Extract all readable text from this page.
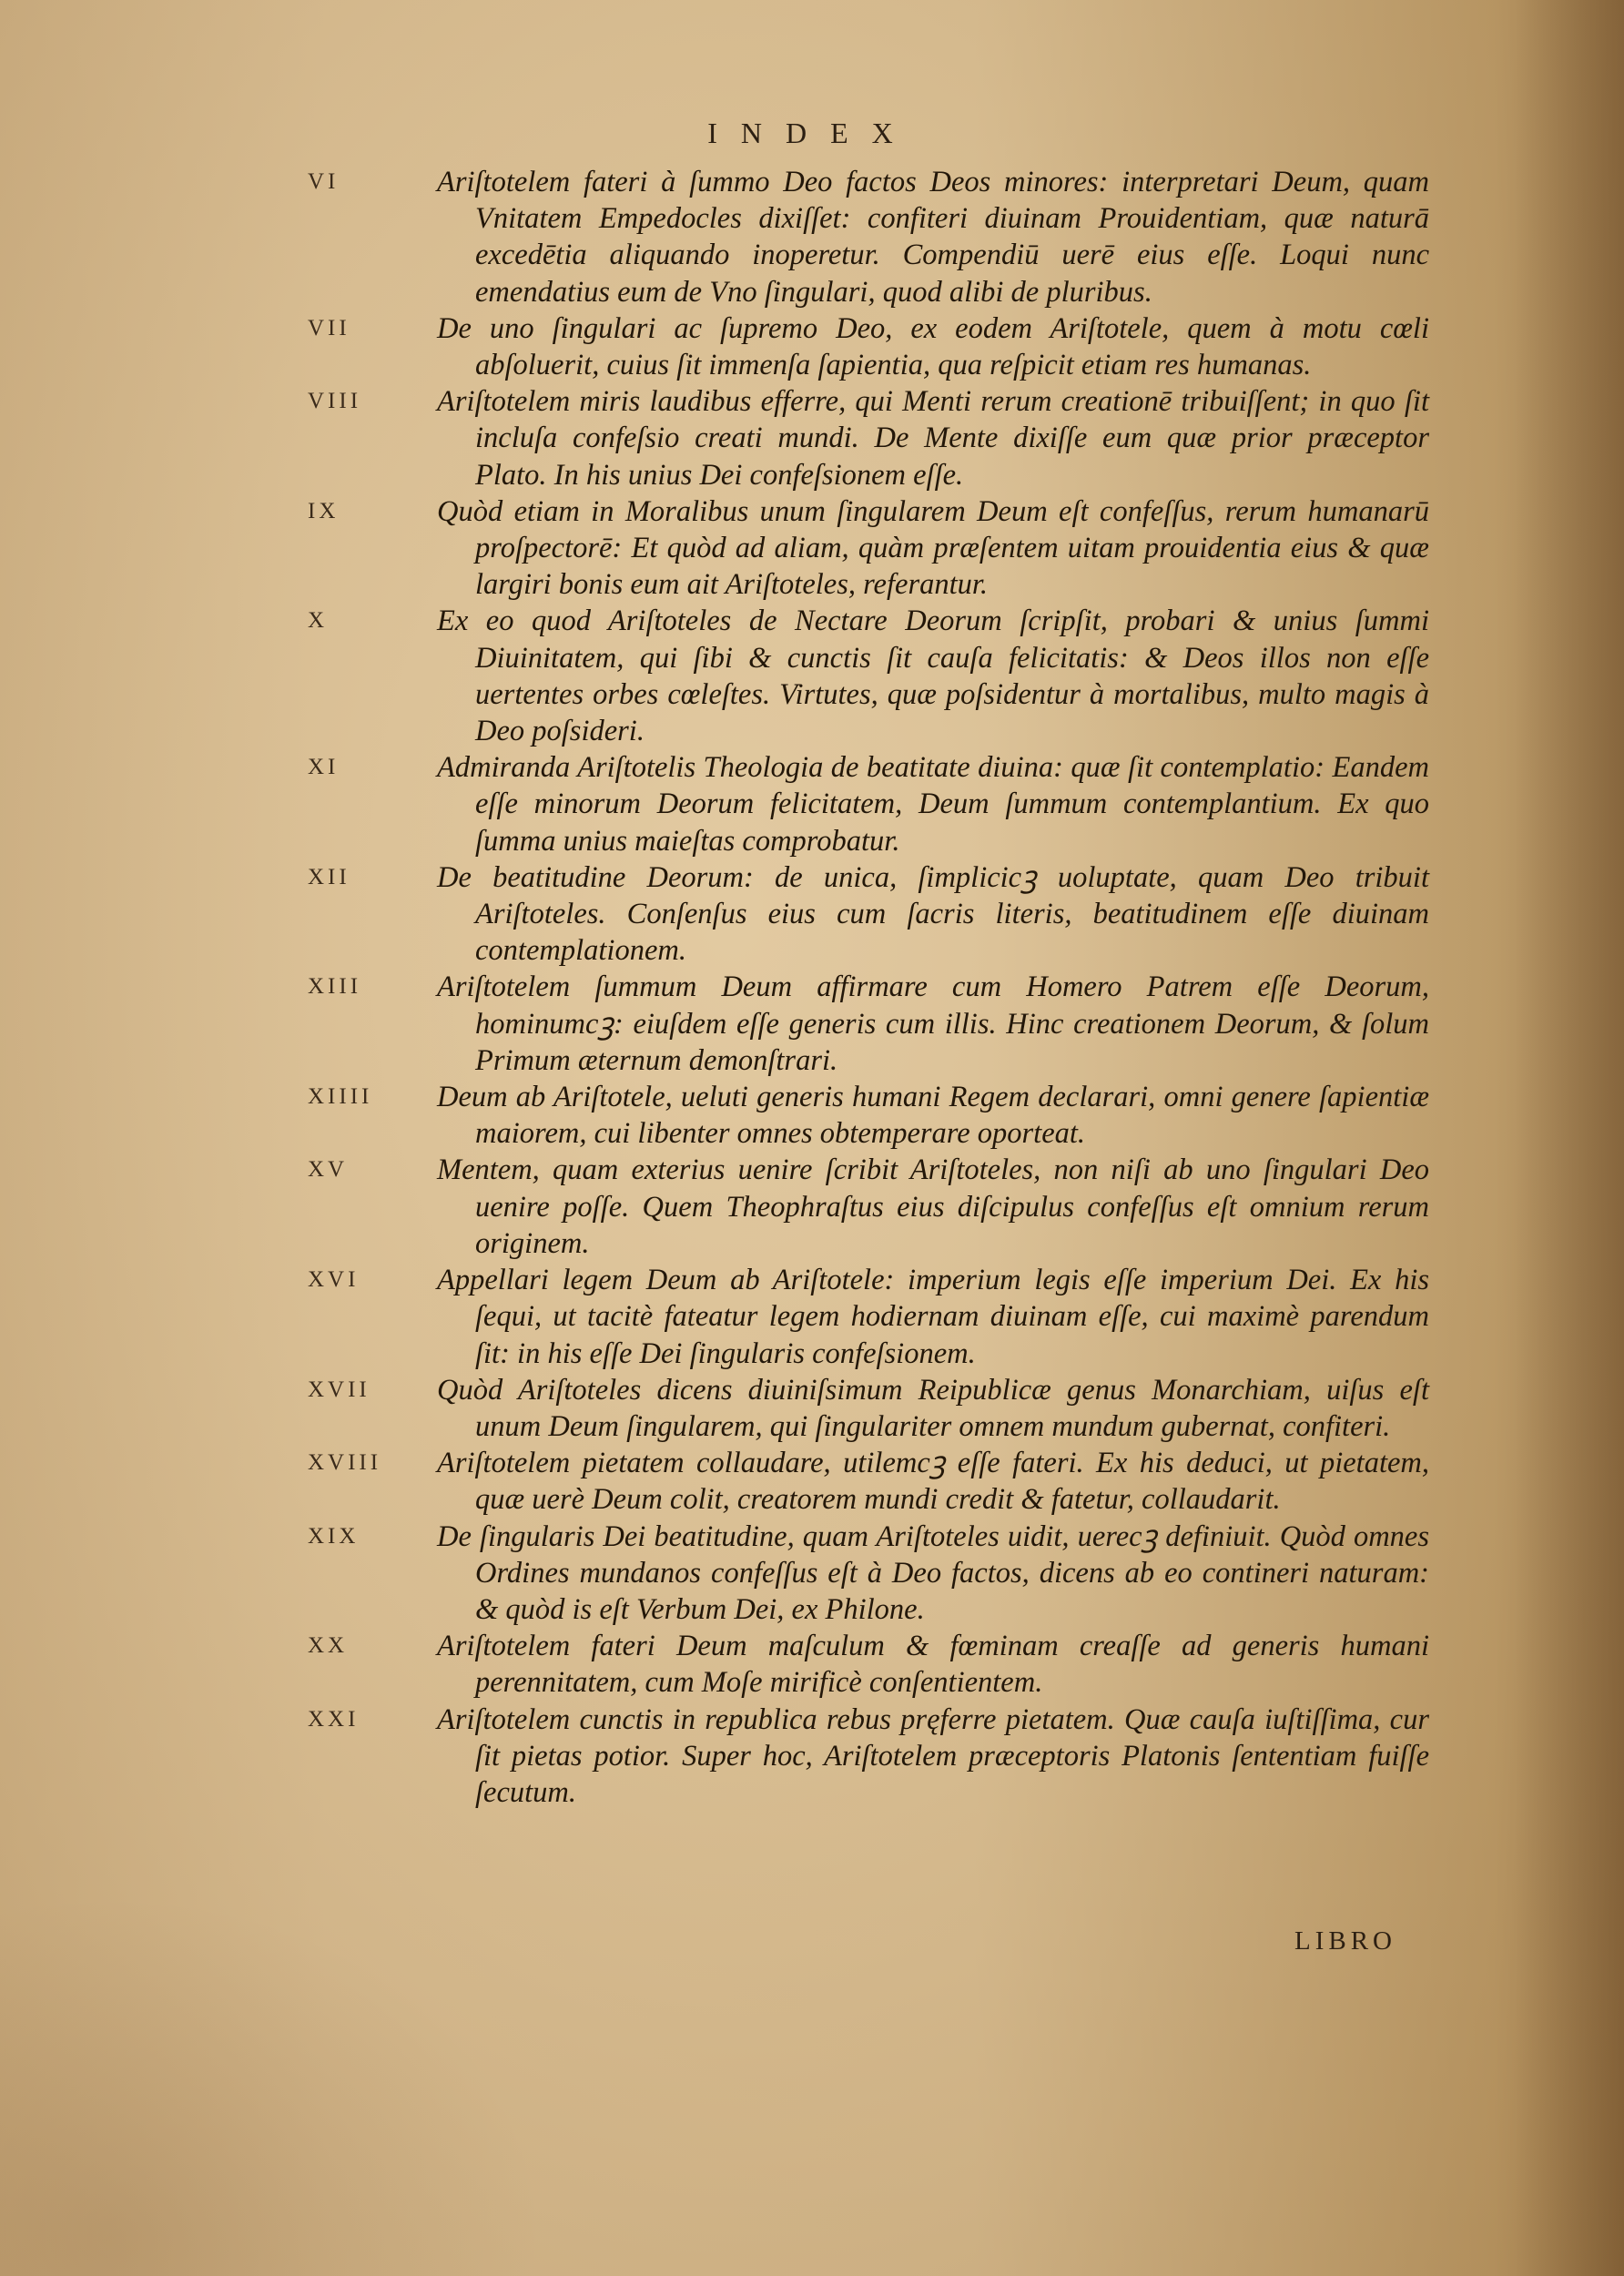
INDEX
VI	Ariſtotelem fateri à ſummo Deo factos Deos minores: interpretari Deum, quam Vnitatem Empedocles dixiſſet: confiteri diuinam Prouidentiam, quæ naturā excedētia aliquando inoperetur. Compendiū uerē eius eſſe. Loqui nunc emendatius eum de Vno ſingulari, quod alibi de pluribus.
VII	De uno ſingulari ac ſupremo Deo, ex eodem Ariſtotele, quem à motu cœli abſoluerit, cuius ſit immenſa ſapientia, qua reſpicit etiam res humanas.
VIII	Ariſtotelem miris laudibus efferre, qui Menti rerum creationē tribuiſſent; in quo ſit incluſa confeſsio creati mundi. De Mente dixiſſe eum quæ prior præceptor Plato. In his unius Dei confeſsionem eſſe.
IX	Quòd etiam in Moralibus unum ſingularem Deum eſt confeſſus, rerum humanarū proſpectorē: Et quòd ad aliam, quàm præſentem uitam prouidentia eius & quæ largiri bonis eum ait Ariſtoteles, referantur.
X	Ex eo quod Ariſtoteles de Nectare Deorum ſcripſit, probari & unius ſummi Diuinitatem, qui ſibi & cunctis ſit cauſa felicitatis: & Deos illos non eſſe uertentes orbes cœleſtes. Virtutes, quæ poſsidentur à mortalibus, multo magis à Deo poſsideri.
XI	Admiranda Ariſtotelis Theologia de beatitate diuina: quæ ſit contemplatio: Eandem eſſe minorum Deorum felicitatem, Deum ſummum contemplantium. Ex quo ſumma unius maieſtas comprobatur.
XII	De beatitudine Deorum: de unica, ſimplicicꝫ uoluptate, quam Deo tribuit Ariſtoteles. Conſenſus eius cum ſacris literis, beatitudinem eſſe diuinam contemplationem.
XIII	Ariſtotelem ſummum Deum affirmare cum Homero Patrem eſſe Deorum, hominumcꝫ: eiuſdem eſſe generis cum illis. Hinc creationem Deorum, & ſolum Primum æternum demonſtrari.
XIIII	Deum ab Ariſtotele, ueluti generis humani Regem declarari, omni genere ſapientiæ maiorem, cui libenter omnes obtemperare oporteat.
XV	Mentem, quam exterius uenire ſcribit Ariſtoteles, non niſi ab uno ſingulari Deo uenire poſſe. Quem Theophraſtus eius diſcipulus confeſſus eſt omnium rerum originem.
XVI	Appellari legem Deum ab Ariſtotele: imperium legis eſſe imperium Dei. Ex his ſequi, ut tacitè fateatur legem hodiernam diuinam eſſe, cui maximè parendum ſit: in his eſſe Dei ſingularis confeſsionem.
XVII	Quòd Ariſtoteles dicens diuiniſsimum Reipublicæ genus Monarchiam, uiſus eſt unum Deum ſingularem, qui ſingulariter omnem mundum gubernat, confiteri.
XVIII	Ariſtotelem pietatem collaudare, utilemcꝫ eſſe fateri. Ex his deduci, ut pietatem, quæ uerè Deum colit, creatorem mundi credit & fatetur, collaudarit.
XIX	De ſingularis Dei beatitudine, quam Ariſtoteles uidit, uerecꝫ definiuit. Quòd omnes Ordines mundanos confeſſus eſt à Deo factos, dicens ab eo contineri naturam: & quòd is eſt Verbum Dei, ex Philone.
XX	Ariſtotelem fateri Deum maſculum & fœminam creaſſe ad generis humani perennitatem, cum Moſe mirificè conſentientem.
XXI	Ariſtotelem cunctis in republica rebus pręferre pietatem. Quæ cauſa iuſtiſſima, cur ſit pietas potior. Super hoc, Ariſtotelem præceptoris Platonis ſententiam fuiſſe ſecutum.
LIBRO
